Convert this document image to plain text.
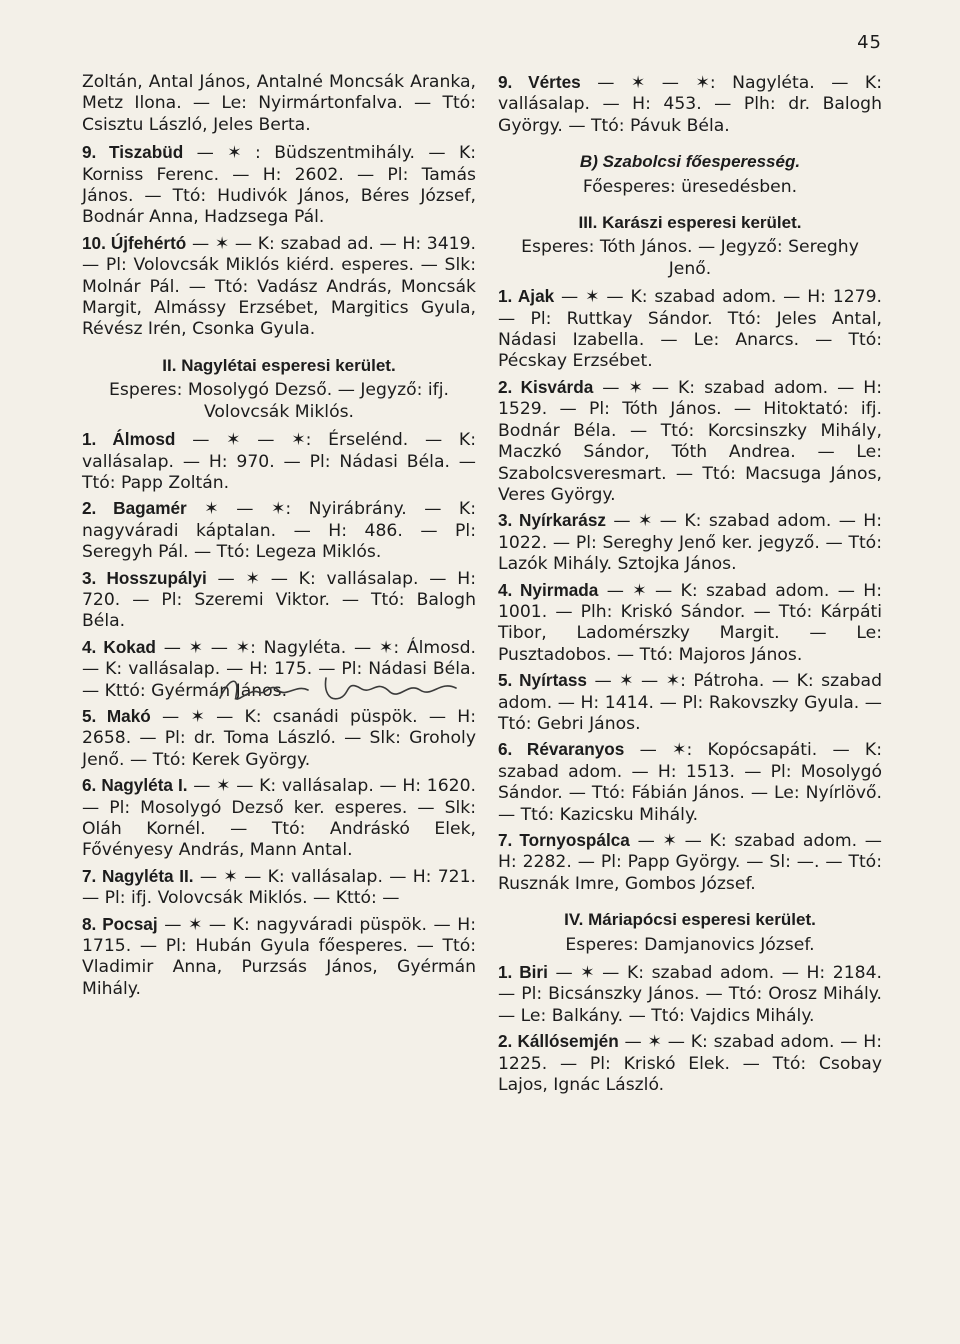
45

Zoltán, Antal János, Antalné Moncsák Aranka, Metz Ilona. — Le: Nyirmártonfalva. — Ttó: Csisztu László, Jeles Berta.

9. Tiszabüd — ✶ : Büdszentmihály. — K: Korniss Ferenc. — H: 2602. — Pl: Tamás János. — Ttó: Hudivók János, Béres József, Bodnár Anna, Hadzsega Pál.

10. Újfehértó — ✶ — K: szabad ad. — H: 3419. — Pl: Volovcsák Miklós kiérd. esperes. — Slk: Molnár Pál. — Ttó: Vadász András, Moncsák Margit, Almássy Erzsébet, Margitics Gyula, Révész Irén, Csonka Gyula.

II. Nagylétai esperesi kerület.

Esperes: Mosolygó Dezső. — Jegyző: ifj. Volovcsák Miklós.

1. Álmosd — ✶ — ✶: Érselénd. — K: vallásalap. — H: 970. — Pl: Nádasi Béla. — Ttó: Papp Zoltán.

2. Bagamér ✶ — ✶: Nyirábrány. — K: nagyváradi káptalan. — H: 486. — Pl: Seregyh Pál. — Ttó: Legeza Miklós.

3. Hosszupályi — ✶ — K: vallásalap. — H: 720. — Pl: Szeremi Viktor. — Ttó: Balogh Béla.

4. Kokad — ✶ — ✶: Nagyléta. — ✶: Álmosd. — K: vallásalap. — H: 175. — Pl: Nádasi Béla. — Kttó: Gyérmán János.

5. Makó — ✶ — K: csanádi püspök. — H: 2658. — Pl: dr. Toma László. — Slk: Groholy Jenő. — Ttó: Kerek György.

6. Nagyléta I. — ✶ — K: vallásalap. — H: 1620. — Pl: Mosolygó Dezső ker. esperes. — Slk: Oláh Kornél. — Ttó: Andráskó Elek, Fővényesy András, Mann Antal.

7. Nagyléta II. — ✶ — K: vallásalap. — H: 721. — Pl: ifj. Volovcsák Miklós. — Kttó: —

8. Pocsaj — ✶ — K: nagyváradi püspök. — H: 1715. — Pl: Hubán Gyula főesperes. — Ttó: Vladimir Anna, Purzsás János, Gyérmán Mihály.

9. Vértes — ✶ — ✶: Nagyléta. — K: vallásalap. — H: 453. — Plh: dr. Balogh György. — Ttó: Pávuk Béla.

B) Szabolcsi főesperesség.

Főesperes: üresedésben.

III. Karászi esperesi kerület.

Esperes: Tóth János. — Jegyző: Sereghy Jenő.

1. Ajak — ✶ — K: szabad adom. — H: 1279. — Pl: Ruttkay Sándor. Ttó: Jeles Antal, Nádasi Izabella. — Le: Anarcs. — Ttó: Pécskay Erzsébet.

2. Kisvárda — ✶ — K: szabad adom. — H: 1529. — Pl: Tóth János. — Hitoktató: ifj. Bodnár Béla. — Ttó: Korcsinszky Mihály, Maczkó Sándor, Tóth Andrea. — Le: Szabolcsveresmart. — Ttó: Macsuga János, Veres György.

3. Nyírkarász — ✶ — K: szabad adom. — H: 1022. — Pl: Sereghy Jenő ker. jegyző. — Ttó: Lazók Mihály. Sztojka János.

4. Nyirmada — ✶ — K: szabad adom. — H: 1001. — Plh: Kriskó Sándor. — Ttó: Kárpáti Tibor, Ladomérszky Margit. — Le: Pusztadobos. — Ttó: Majoros János.

5. Nyírtass — ✶ — ✶: Pátroha. — K: szabad adom. — H: 1414. — Pl: Rakovszky Gyula. — Ttó: Gebri János.

6. Révaranyos — ✶: Kopócsapáti. — K: szabad adom. — H: 1513. — Pl: Mosolygó Sándor. — Ttó: Fábián János. — Le: Nyírlövő. — Ttó: Kazicsku Mihály.

7. Tornyospálca — ✶ — K: szabad adom. — H: 2282. — Pl: Papp György. — Sl: —. — Ttó: Rusznák Imre, Gombos József.

IV. Máriapócsi esperesi kerület.

Esperes: Damjanovics József.

1. Biri — ✶ — K: szabad adom. — H: 2184. — Pl: Bicsánszky János. — Ttó: Orosz Mihály. — Le: Balkány. — Ttó: Vajdics Mihály.

2. Kállósemjén — ✶ — K: szabad adom. — H: 1225. — Pl: Kriskó Elek. — Ttó: Csobay Lajos, Ignác László.
